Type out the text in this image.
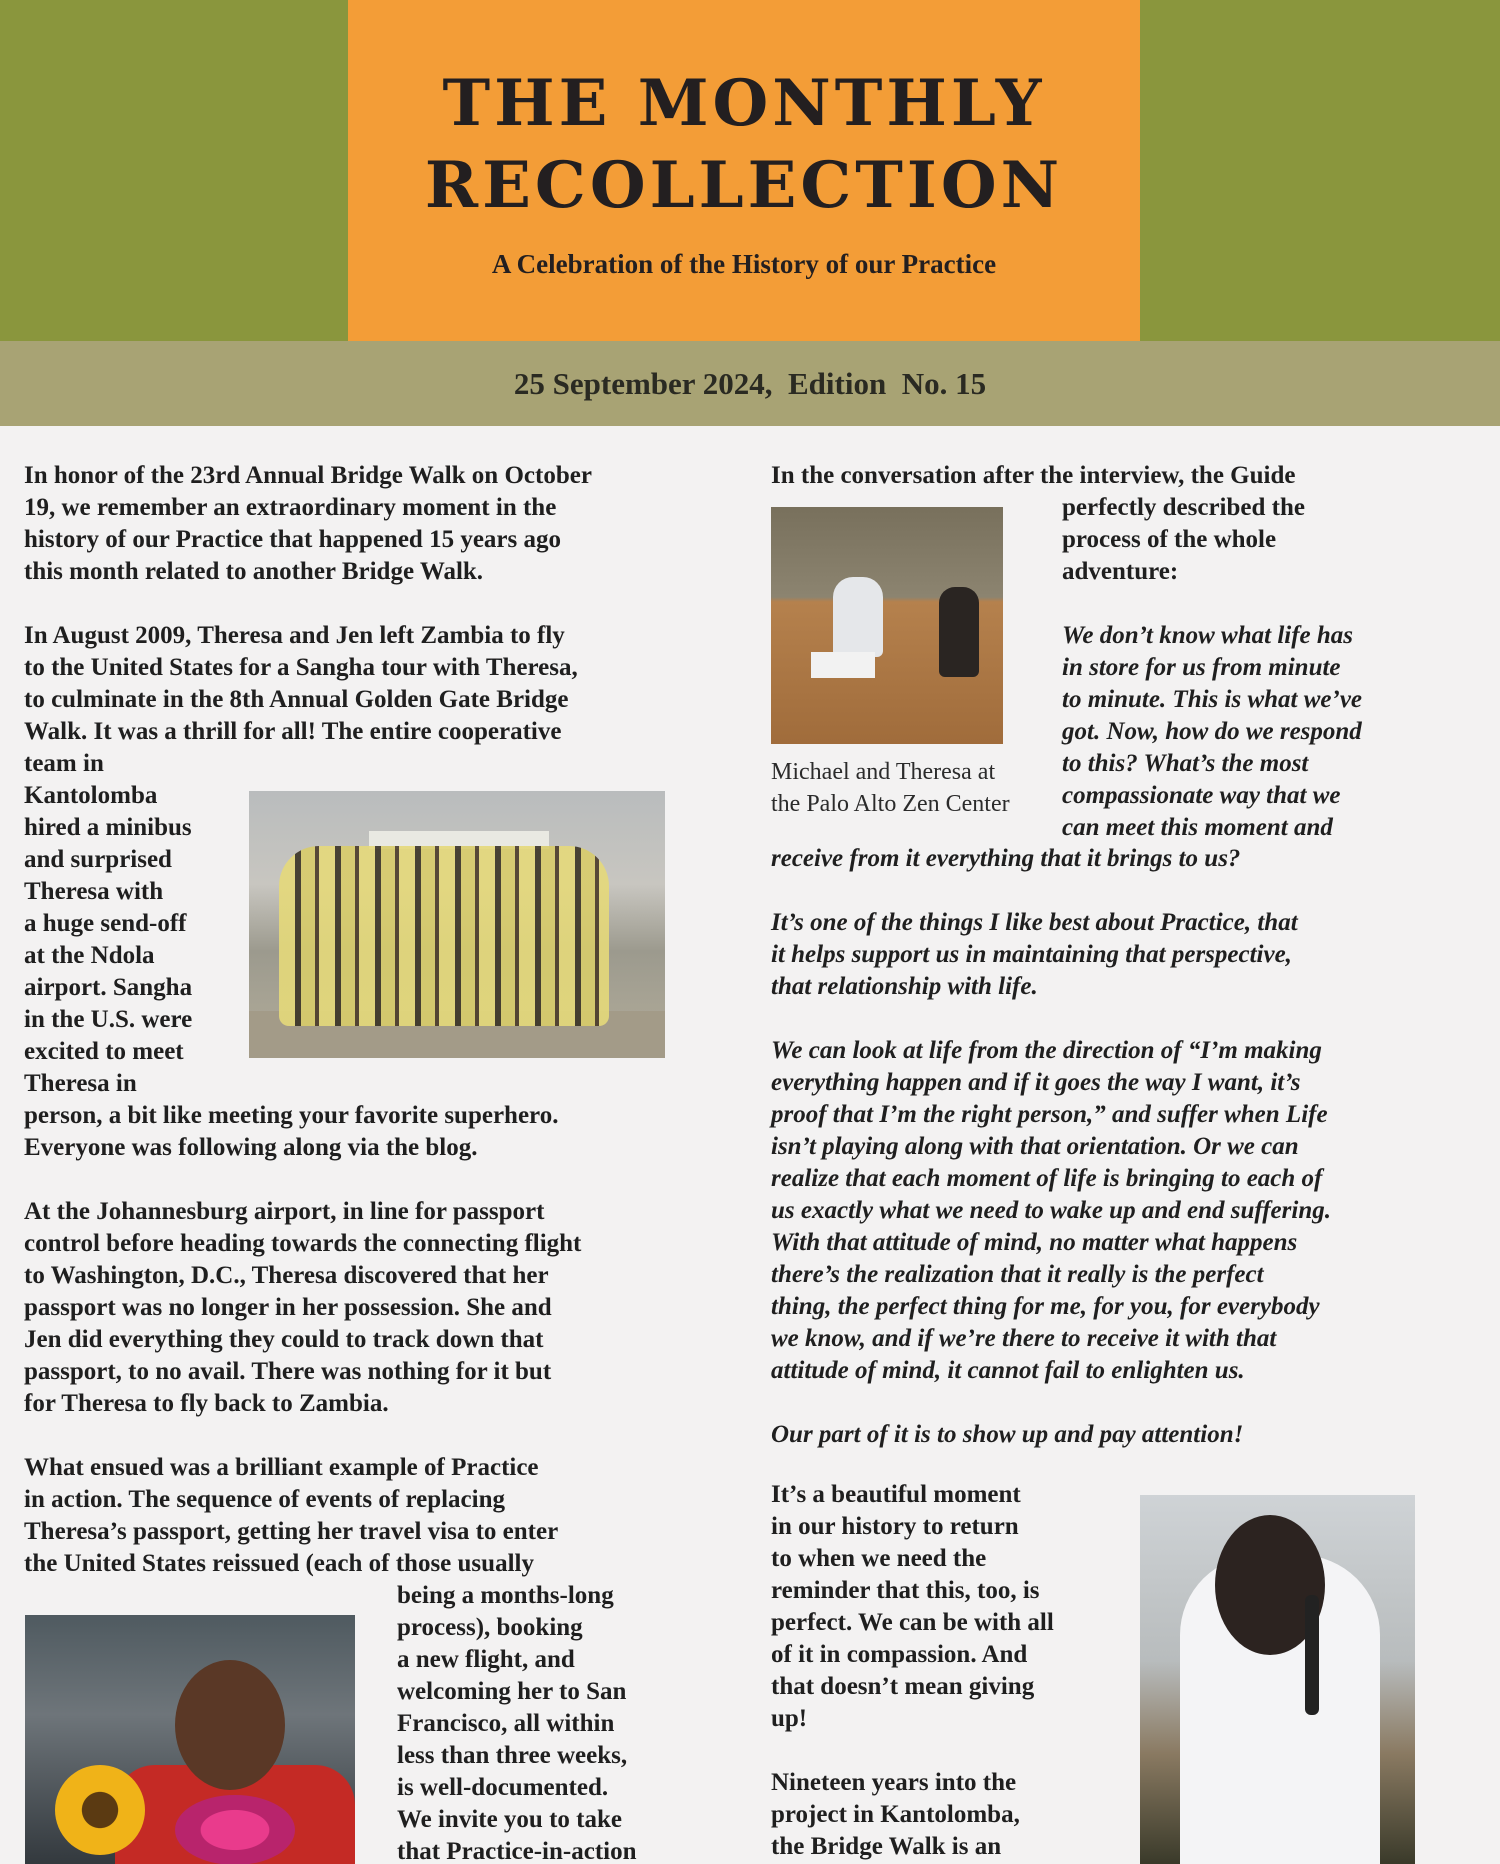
THE MONTHLY
RECOLLECTION
A Celebration of the History of our Practice
25 September 2024,  Edition  No. 15

In honor of the 23rd Annual Bridge Walk on October

19, we remember an extraordinary moment in the

history of our Practice that happened 15 years ago

this month related to another Bridge Walk.

In August 2009, Theresa and Jen left Zambia to fly

to the United States for a Sangha tour with Theresa,

to culminate in the 8th Annual Golden Gate Bridge

Walk. It was a thrill for all! The entire cooperative

team in

Kantolomba

hired a minibus

and surprised

Theresa with

a huge send-off

at the Ndola

airport. Sangha

in the U.S. were

excited to meet

Theresa in

person, a bit like meeting your favorite superhero.

Everyone was following along via the blog.

At the Johannesburg airport, in line for passport

control before heading towards the connecting flight

to Washington, D.C., Theresa discovered that her

passport was no longer in her possession. She and

Jen did everything they could to track down that

passport, to no avail. There was nothing for it but

for Theresa to fly back to Zambia.

What ensued was a brilliant example of Practice

in action. The sequence of events of replacing

Theresa’s passport, getting her travel visa to enter

the United States reissued (each of those usually

being a months-long

process), booking

a new flight, and

welcoming her to San

Francisco, all within

less than three weeks,

is well-documented.

We invite you to take

that Practice-in-action

In the conversation after the interview, the Guide

perfectly described the

process of the whole

adventure:

We don’t know what life has

in store for us from minute

to minute. This is what we’ve

got. Now, how do we respond

to this? What’s the most

compassionate way that we

can meet this moment and

Michael and Theresa at

the Palo Alto Zen Center

receive from it everything that it brings to us?

It’s one of the things I like best about Practice, that

it helps support us in maintaining that perspective,

that relationship with life.

We can look at life from the direction of “I’m making

everything happen and if it goes the way I want, it’s

proof that I’m the right person,” and suffer when Life

isn’t playing along with that orientation. Or we can

realize that each moment of life is bringing to each of

us exactly what we need to wake up and end suffering.

With that attitude of mind, no matter what happens

there’s the realization that it really is the perfect

thing, the perfect thing for me, for you, for everybody

we know, and if we’re there to receive it with that

attitude of mind, it cannot fail to enlighten us.

Our part of it is to show up and pay attention!

It’s a beautiful moment

in our history to return

to when we need the

reminder that this, too, is

perfect. We can be with all

of it in compassion. And

that doesn’t mean giving

up!

Nineteen years into the

project in Kantolomba,

the Bridge Walk is an
